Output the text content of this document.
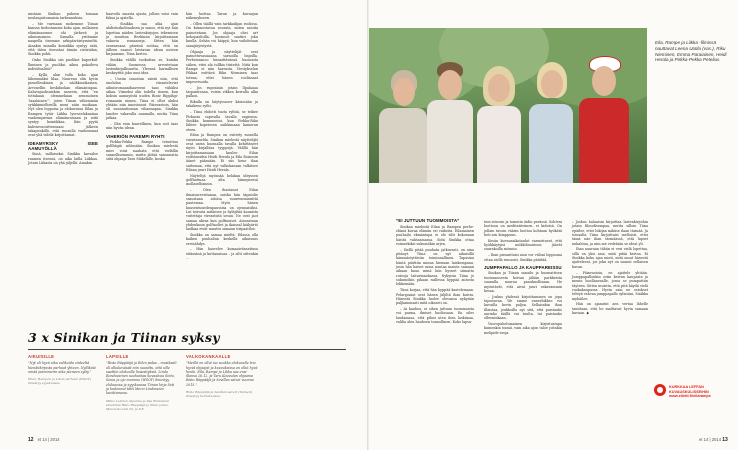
mistaan Sinikan puheen lomaan neulanpistomaisia tarkennuksia.

– Me varmaan mokemme Tiinan kanssa tiedostamme koko ajan, millainen elämänasenne ohi järkevä ja aikuismainen. Samalla yritämme naapella itsemme arkipäiväistymiseltä. Ainakin minulla komiikka syntyy siitä, että täten itsessäni tämän ristiriidan, Sinikka pohti.

Onko Sinikka siis puolikoi kuperkiil-lhminen ja puoliksi aikea pakoileva individualisti?

– Kyllä, alan tulla koko ajan lähemmäksi lilaa. Naurenu olin hyvin pienellenkinen ja näökkiosikainen. Arvonellin keskiluokan elämäntapaa. Kahvinjuoksuiskiin saneein, että ”en tottakaan olemmekaan semmoinen ’Iaaalainen’”, joten Tiinan vähemmän sytikkimielheellä meni näin muikaan. Nyt olen leppoisa ja elokuvassa Eilan ja Rampen tytär Liikka lysvseelakaniiaa vanhempiensa elämänrasiaan ja siitä syntyy komiikkaa. Itän pyytä kahvinvuosittenssani jälkeen takapenkillä, että ruusulla vanhemmat ovat yhä viilelä kirjoittamat.

IDEAMYRSKY ISEE AAMUYÖLLÄ

Siinä, millaiseksi Sinikka kuvailee rnamen itsensä, on aika lailla Liikkaa. Jotain Liikasta on yhä jäljellä. Ainakin

haavoilu omasta ajasta, jolloin voisi vain fuksa ja ajatella.

– Sinikka saa aika ajan ahdistuskohtauksen ja sanoo, että nyt hän lopettaa näiden lastenkirjojen tekemisen ja muuttaa Berliiniin kirjoittamaan vakavia romaaneja. Sitten hän seuraavana päivänä soittaa, että on jälleen saanut loistavan idean uuteen kirjaamme, Tiina kertoo.

Sinikka välillä tuokuttaa se, kuinka vähän Suomessa arvostetaan lastenkirjallisuutta. Yleensä harmillisen keskeytttä joku uusi idea.

– Useiin innostun niistä niin, että unohdan viisasteleviat aikuisromaanihaaveeni taas vähäksi aikaa. Viimeksi olin todella itonen, kun koksin aamuyöstä uuden Rintz Ripplägi-romaanin nimen. Tiina ei ollut aluksi yhtään niin innostunut. Päinvastoin, hän oli suunnattoman vihannapan, Sinikka lanelee vakavalla naamalla, mutta Tiina jatkaa.

– Olin vain kaavellinen, kun soit taas niin hyvän idean.

VIHERIÖN PAREMPI RYHTI

Pirkka-Pekka Rampe tetuuttaa golfbägiä selässään. Sinikan mielestä mies voisi naahata että vielällin sunnellisemmin, mutta jättää sanonnatta siitä ohjaaja Taru Mäkelälle, koska

hän luottaa Tarun ja kuvaajan näkemykseen.

– Ollen täällä vain tarkkailijan roolissa. On kiinnostavaa seurata, miten asioita painotetaan. Jos ohjaaja ohei art kohopaidoilla, huomoot saatiiri joku kuulla. Sehän voi häipyä, kun vaihdetaan sanajärjestystä.

Ohjaaja ja näyttelijät ovat painottuvasiaaasa sarnoilla linjoilla. Perheissanoo kiinnittävänsä huomiota siihen, ettei ala tullkia tiistettä. Niitä kun Rampe ei niin harrasta. Viestykselan Pikkaa esittävä Riku Nieminen taas toteaa, ettei hänen roolinsaat improvisoida.

– Jos rupeainin jotain Ilpalaaaa tarpaniteaan, voisin vikkea kerralla alka palkon.

Rikulla on käytyssuovr käsissään ja takakeno rythi.

– Tiina ehdotti tuota ryhtiä, se teikee Pirkasta sopivalla tavalla ongiensa. Sinikka kommentoi, kun Pirkka-Riku lähtee kopeiesen suihkimaan kameran eteen.

Eilan ja Rampea on esitetty monella vuentamelda. Sinikan mielestä näyttelijät ovat usein huomalla tavalla kehittäneet myös kirjalliisa tyyppejä. Välillä hän kirjoittamassaan kuulee Eilan esittäneiden Heidi Herala ja Eila Roinesin äänet päässään. Ei siis hene ihan sattumaa, että nyt valkokansan tulkitsee Eilana juuri Heidi Herala.

Näyteltjä myönsää helakan ideyssen golfhattuaa alta hiinnyneesä mollaselbannin.

– Olen ihastanut Eilan ilmaisurevistanan, suisku hän täpatolie ssaustaan aitoisa suurenemisisittä pautemaa. Myös hänen kuasentunedenpaussisa on ojennaisiksi. Lui toiivata mitäesee ja hyläjttää kaunista vuitettaja vireastistä sesun. Ne ovat jaot samaa ukesa kun golfmaiset. Ainoastaan yhdenkuun golftaoliet ja ikaissal käilyärtö laulkaa eivät muuttu samaan tiripaatiloe.

Sinikka on samaa mieltä: Eilassa olla kaiken puuhailun keskellä aikuisuus eretsähdys.

– Hän haavelee kumaaivänsattasa eitämänä ja kuttauaisaa – ja silti sittenkin ...

3 x Sinikan ja Tiinan syksy
AIKUISILLE

”Nyt oli hyvä aika valikoida viideeltä hienätikirjasta parhaat yhteen. Nyllikäiä mistä poimimerin aika pieneen sytty.”

Eilan, Rampen ja Likan parhaat (WSOY) ilmestyy syyskuussa.

LAPSILLE

”Risto Räppääjä ja Eilen palaa – musikaali oli alkukesäsää niin suosittu, että sille saattiin elokuulle lisäesityksiä. Linda Rondovainen suuhuntaa kuvaaksia Sinto, Sonia ja ojo mummo (WSOY) ilmestyy elokuussa ja syyskuussa Tiinan kirja Seti ja kadonnut tätti Mervi Lindmanin kuvittamana.

Miiko Lehdon ohjaama ja Ilse Rontalaan sävelämä Risto Räppääjä ja Eilen palaa, Mercuski ensi 23. ja 8.8.

VALKOKANKAALLE

”Meillä on ollut iso suukka elokuvalle trio hyvät ohjaajat ja kuvauksissa on ollut hyvä henki. Eila, Rampe ja Likka saa ensi-illansa 26.12. ja Taru Kouvulan ohjaama Risto Räppääjä ja Sevillan saturi vuonna 2015.”

Risto Räppääjä ja Sevillan saturi (Taimeri) ilmestyy helmikuussa.

12 et 14 | 2014	et 14 | 2014 13
Eila, Rampe ja Liikka -filmissä nauttavat Leena Uotila (vas.), Riku Nieminen, Emma Paraiainen, Heidi Herala ja Pirkka-Pekka Petelius.
”EI JUTTUUN TUOMMOISTA”

Sinikan mielestä Eilan ja Rampen perhe-elämä kuvaa elämän eri vaiheita. Eilamainen puuhailu ekmäntapa ei ole silti kokonaan häistä vahtaamassa. Siitä Sinikka ottaa esimerkiksi sukumökin arjen.

– Siellä pitää puuhata jatkuvasti, on aina pitänyt. Tiina on nyt aikuisillä hämmästyttävän toiminnallinen. Tapasina häntä päättiin minua hienuan laiskempana, josin hän kaivot mina nautaa maista samaan aikaan kuun minä luin hyvnet siimatta rutooja laiturinnokassa. Nykyisin Tiina je sukumökin pihaan raillessa hyppää autosta lekkemään.

Tiina korjaa, että hän hyppää kastelemaan. Pelargoniat ovat hänen jäljiltä ihan kuivia. Hänestä Sinikka luolee olevansa nykyään paljkammasti mitä oikeasti on.

– Ai kauhea, ei sihen juttuun tuommoista voi panna, ilmiset huolissaan. En oiles laudamasa, että pilasi uten ihen laskimaa, valilia alen hauhoen tunnollinen. Koko lapsu-

teni siivosin ja tomutin äidin perässä. Sohteni luottoon on meditatiiviinen, ei kidutsä. On jollain tavoin väärin luottoa kohtaan hyökätä heti sen kimppuun.

Kesän kuvausaikataulut varmistuvat, että hyökkäytyisi mökkihuontoon jäävät suurakoilla mönnin.

– Ihan pirsanttaisi aion vor viiloni loppuuna ottaa siellä rennosti, Sinikka päättää.

JUMPPAPALLO JA KAUPPAREISSU

Sinikan ja Tiinan sanailu ja huomattisen tuotannosesta kortan jälään parkkeista suanalla naurau paauhnollisaan. He myöntävät, että aivat juuri vakavammin kesaa.

– Joskus yhdessä kirjoittaminen on jopa tajontavaa. We emme ennerbikkec voi kuvailla kovin paljon. Sellaisakin ihan illaistaa, joukkoilla nyt sitä, että paistaako aurinko täällä vai tuulta, tai paistaako olleeninkaan.

Vuoropuhelumainen kirjoitustapa kumenkin toimii, vain aika ajon taloe joitakin melipide-eroja.

– Joskus haluaisin kirjoittaa lastenkirjoihin jotain filosofisempaa, mutta silloin Tiina epäilee, ettei lukijan mikäse ilaan tärmää. Ja toisaalta Tiina kirjoittaisi melloisti, ettei tämä näe ilian tärmäässä, että lapset nukahtaa, ja niin me vedetään se ideat yli.

Ihan nauraan tähän ei vesi vielä lopettaa, sillä on yksi asia, mitä pitää kertoa. Ei Sinikka koko ajan mieti, mitä muut hänestä ajattelevat, jos joku nyt on saanut sellaisen kuvan.

– Päinvastoin, en ajattele yhtään. Jumppapallonkin ostin kerran kaupasta ja menin huollaavaalle, jossa se pumpattiin täyteen. Sitten muistin, että pitä käydä vielä ruokakaupassa. Hyvin sain ne ostokset tehtyä vahvaa jumppapallo sylissäni, Sinikka myhäilee.

Hän on ajanutut aen vertaa lähelle taiuttaan, että he malttavat hyvin samaan kuvaan. ◆

KURKKAA LEFFAN KUVAUSKULISSEIHIN www.elletti.fi/eilarampe
